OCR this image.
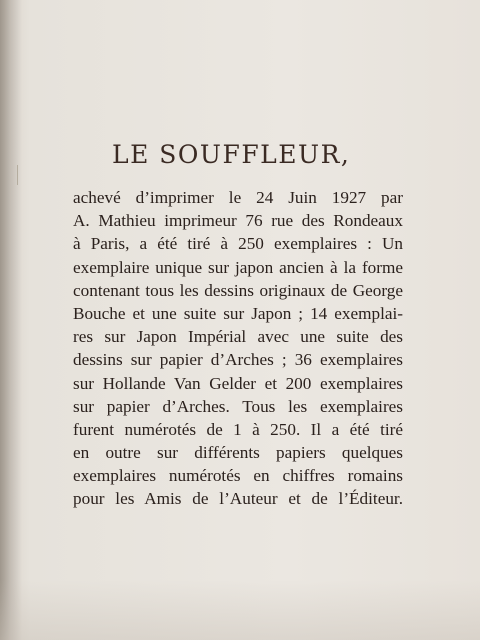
LE SOUFFLEUR,
achevé d’imprimer le 24 Juin 1927 par
A. Mathieu imprimeur 76 rue des Rondeaux
à Paris, a été tiré à 250 exemplaires : Un
exemplaire unique sur japon ancien à la forme
contenant tous les dessins originaux de George
Bouche et une suite sur Japon ; 14 exemplai-
res sur Japon Impérial avec une suite des
dessins sur papier d’Arches ; 36 exemplaires
sur Hollande Van Gelder et 200 exemplaires
sur papier d’Arches. Tous les exemplaires
furent numérotés de 1 à 250. Il a été tiré
en outre sur différents papiers quelques
exemplaires numérotés en chiffres romains
pour les Amis de l’Auteur et de l’Éditeur.
